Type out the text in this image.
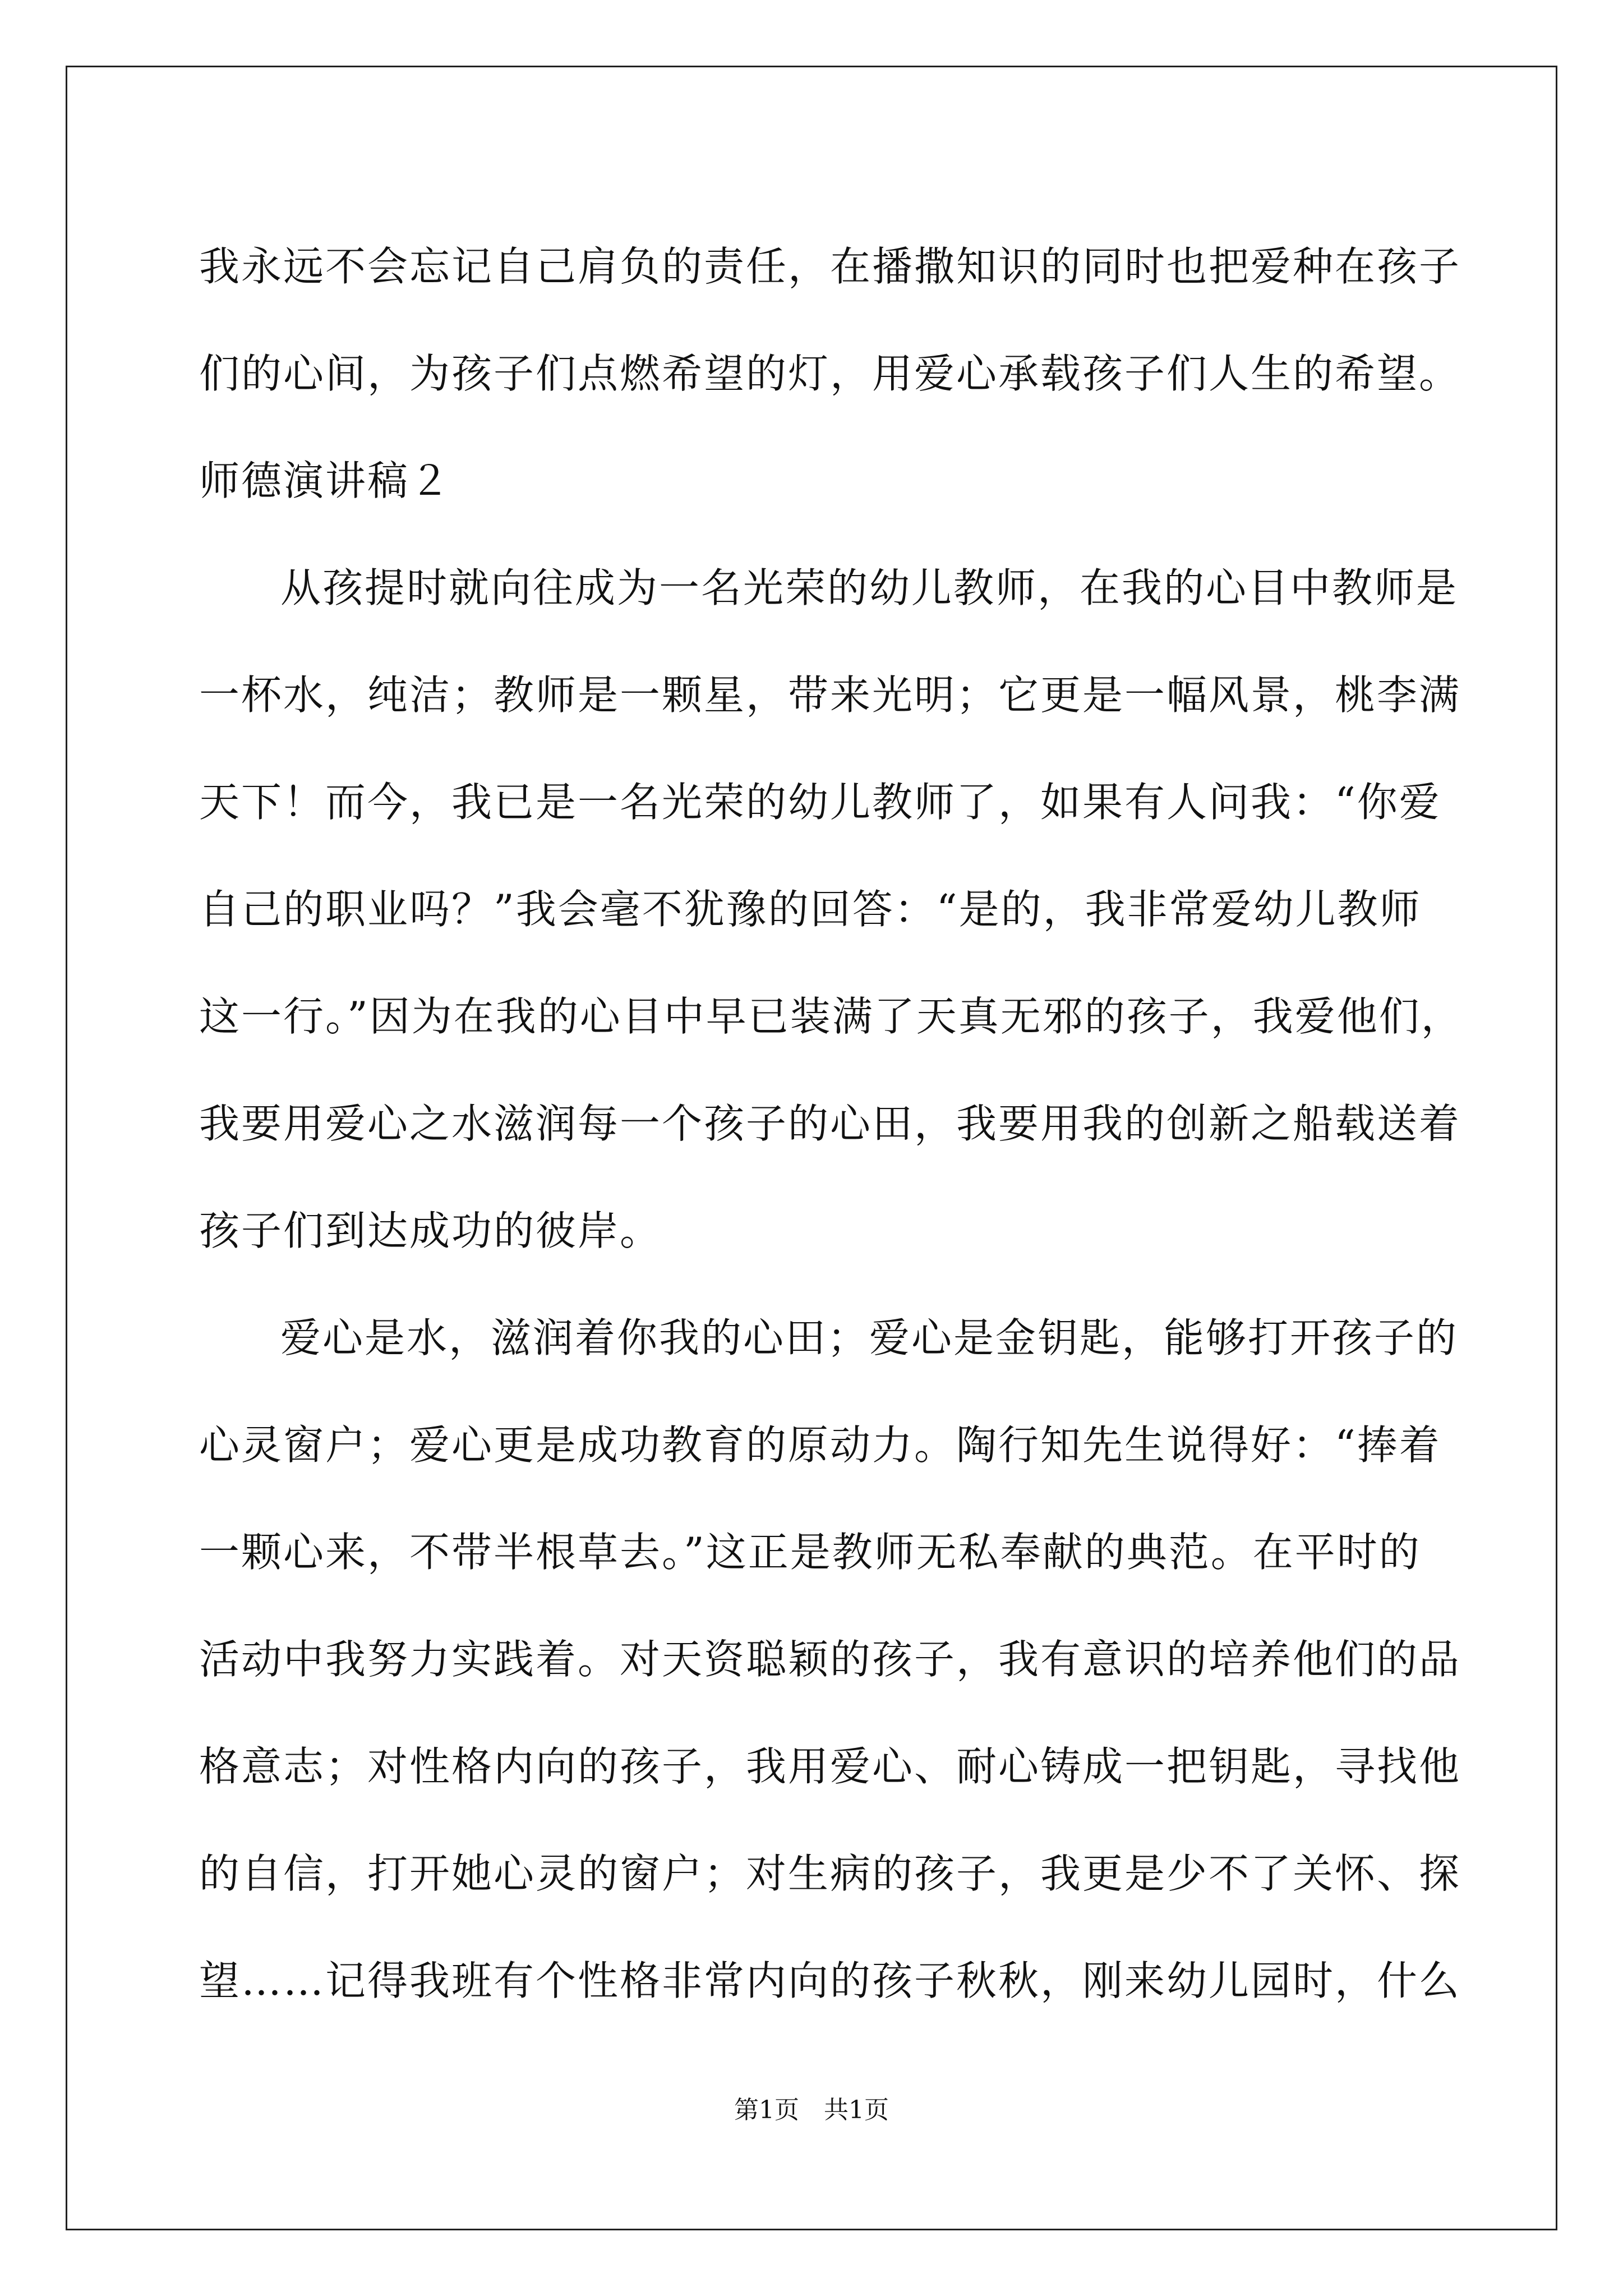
我永远不会忘记自己肩负的责任，在播撒知识的同时也把爱种在孩子
们的心间，为孩子们点燃希望的灯，用爱心承载孩子们人生的希望。
师德演讲稿２
从孩提时就向往成为一名光荣的幼儿教师，在我的心目中教师是
一杯水，纯洁；教师是一颗星，带来光明；它更是一幅风景，桃李满
天下！而今，我已是一名光荣的幼儿教师了，如果有人问我：“你爱
自己的职业吗？”我会毫不犹豫的回答：“是的，我非常爱幼儿教师
这一行。”因为在我的心目中早已装满了天真无邪的孩子，我爱他们，
我要用爱心之水滋润每一个孩子的心田，我要用我的创新之船载送着
孩子们到达成功的彼岸。
爱心是水，滋润着你我的心田；爱心是金钥匙，能够打开孩子的
心灵窗户；爱心更是成功教育的原动力。陶行知先生说得好：“捧着
一颗心来，不带半根草去。”这正是教师无私奉献的典范。在平时的
活动中我努力实践着。对天资聪颖的孩子，我有意识的培养他们的品
格意志；对性格内向的孩子，我用爱心、耐心铸成一把钥匙，寻找他
的自信，打开她心灵的窗户；对生病的孩子，我更是少不了关怀、探
望……记得我班有个性格非常内向的孩子秋秋，刚来幼儿园时，什么
第1页　共1页
